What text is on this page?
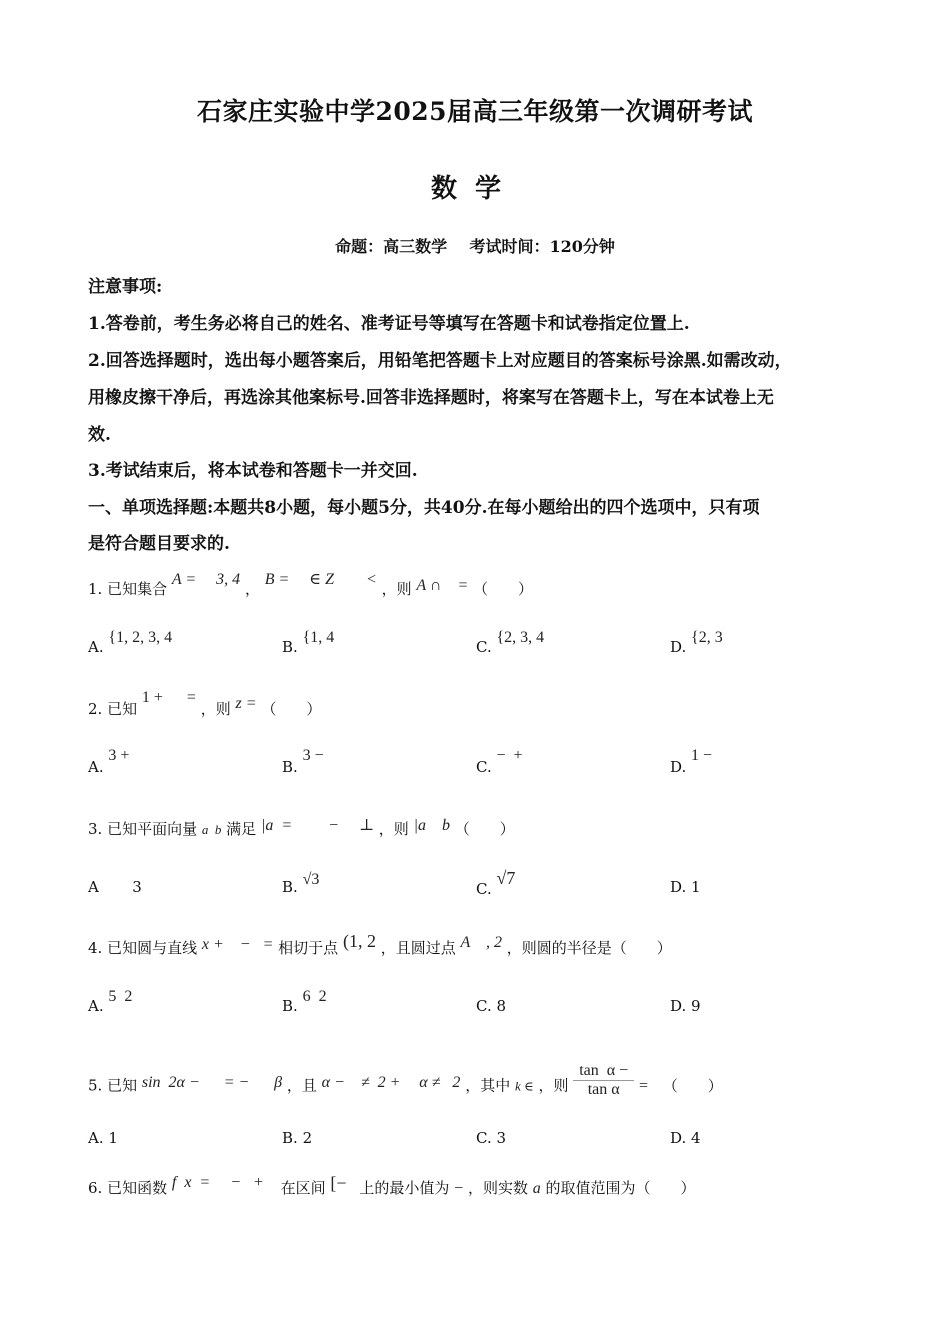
石家庄实验中学2025届高三年级第一次调研考试
数学
命题：高三数学    考试时间：120分钟
注意事项:
1.答卷前，考生务必将自己的姓名、准考证号等填写在答题卡和试卷指定位置上.
2.回答选择题时，选出每小题答案后，用铅笔把答题卡上对应题目的答案标号涂黑.如需改动，
用橡皮擦干净后，再选涂其他案标号.回答非选择题时，将案写在答题卡上，写在本试卷上无
效.
3.考试结束后，将本试卷和答题卡一并交回.
一、单项选择题:本题共8小题，每小题5分，共40分.在每小题给出的四个选项中，只有项
是符合题目要求的.
1. 已知集合 A =     3, 4 ， B =     ∈ Z        < ，则 A ∩    = （　　）
A. {1, 2, 3, 4
B. {1, 4
C. {2, 3, 4
D. {2, 3
2. 已知 1 +      = ，则 z = （　　）
A. 3 +
B. 3 −
C. −  +
D. 1 −
3. 已知平面向量 a  b 满足 |a  =         −     ⊥ ，则 |a    b （　　）
A 3	B. √3
C. √7	D. 1
4. 已知圆与直线 x +    −   = 相切于点 (1, 2 ，且圆过点 A    , 2 ，则圆的半径是（　　）
A. 5  2
B. 6  2
C. 8	D. 9
5. 已知 sin  2α −      = − β ，且 α −    ≠  2 + α ≠   2 ，其中 k ∈ ，则 $\frac{\text{tan  α −}}{\text{tan α}}$ = （　　）
A. 1	B. 2	C. 3	D. 4
6. 已知函数 f  x  =     −   + 在区间 [− 上的最小值为 − ，则实数 a 的取值范围为（　　）
